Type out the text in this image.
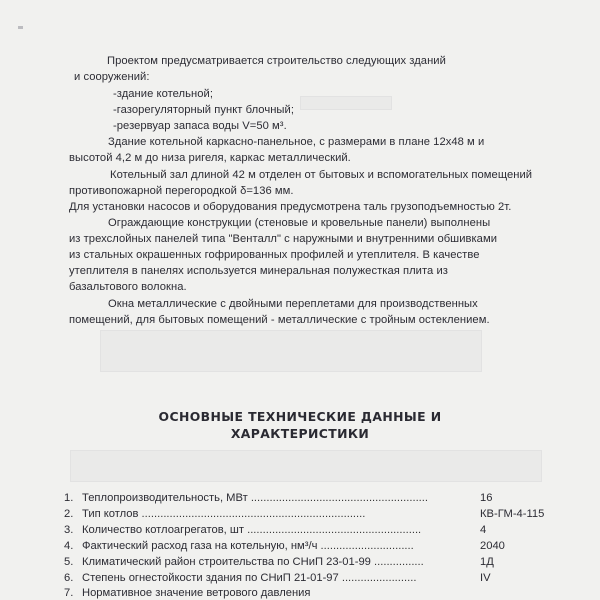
Проектом предусматривается строительство следующих зданий
и сооружений:
-здание котельной;
-газорегуляторный пункт блочный;
-резервуар запаса воды V=50 м³.
Здание котельной каркасно-панельное, с размерами в плане 12х48 м и
высотой 4,2 м до низа ригеля, каркас металлический.
Котельный зал длиной 42 м отделен от бытовых и вспомогательных помещений
противопожарной перегородкой δ=136 мм.
Для установки насосов и оборудования предусмотрена таль грузоподъемностью 2т.
Ограждающие конструкции (стеновые и кровельные панели) выполнены
из трехслойных панелей типа "Венталл" с наружными и внутренними обшивками
из стальных окрашенных гофрированных профилей и утеплителя. В качестве
утеплителя в панелях используется минеральная полужесткая плита из
базальтового волокна.
Окна металлические с двойными переплетами для производственных
помещений, для бытовых помещений - металлические с тройным остеклением.
ОСНОВНЫЕ ТЕХНИЧЕСКИЕ ДАННЫЕ И
ХАРАКТЕРИСТИКИ
1. Теплопроизводительность, МВт .........................................................	16
2. Тип котлов ........................................................................	КВ-ГМ-4-115
3. Количество котлоагрегатов, шт ........................................................	4
4. Фактический расход газа на котельную, нм³/ч ..............................	2040
5. Климатический район строительства по СНиП 23-01-99 ................	1Д
6. Степень огнестойкости здания по СНиП 21-01-97 ........................	IV
7. Нормативное значение ветрового давления
